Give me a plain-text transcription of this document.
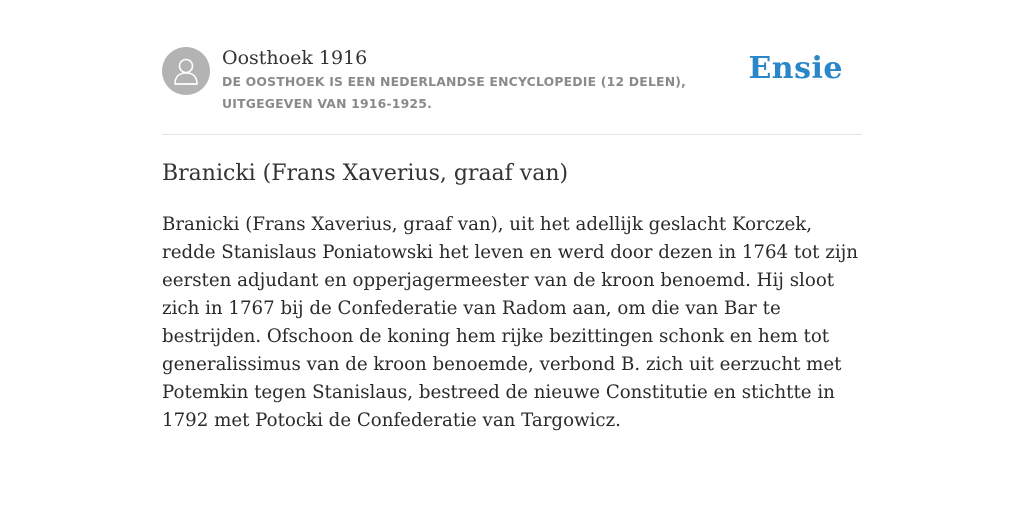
Oosthoek 1916
DE OOSTHOEK IS EEN NEDERLANDSE ENCYCLOPEDIE (12 DELEN), UITGEGEVEN VAN 1916-1925.
Ensie
Branicki (Frans Xaverius, graaf van)
Branicki (Frans Xaverius, graaf van), uit het adellijk geslacht Korczek, redde Stanislaus Poniatowski het leven en werd door dezen in 1764 tot zijn eersten adjudant en opperjagermeester van de kroon benoemd. Hij sloot zich in 1767 bij de Confederatie van Radom aan, om die van Bar te bestrijden. Ofschoon de koning hem rijke bezittingen schonk en hem tot generalissimus van de kroon benoemde, verbond B. zich uit eerzucht met Potemkin tegen Stanislaus, bestreed de nieuwe Constitutie en stichtte in 1792 met Potocki de Confederatie van Targowicz.
